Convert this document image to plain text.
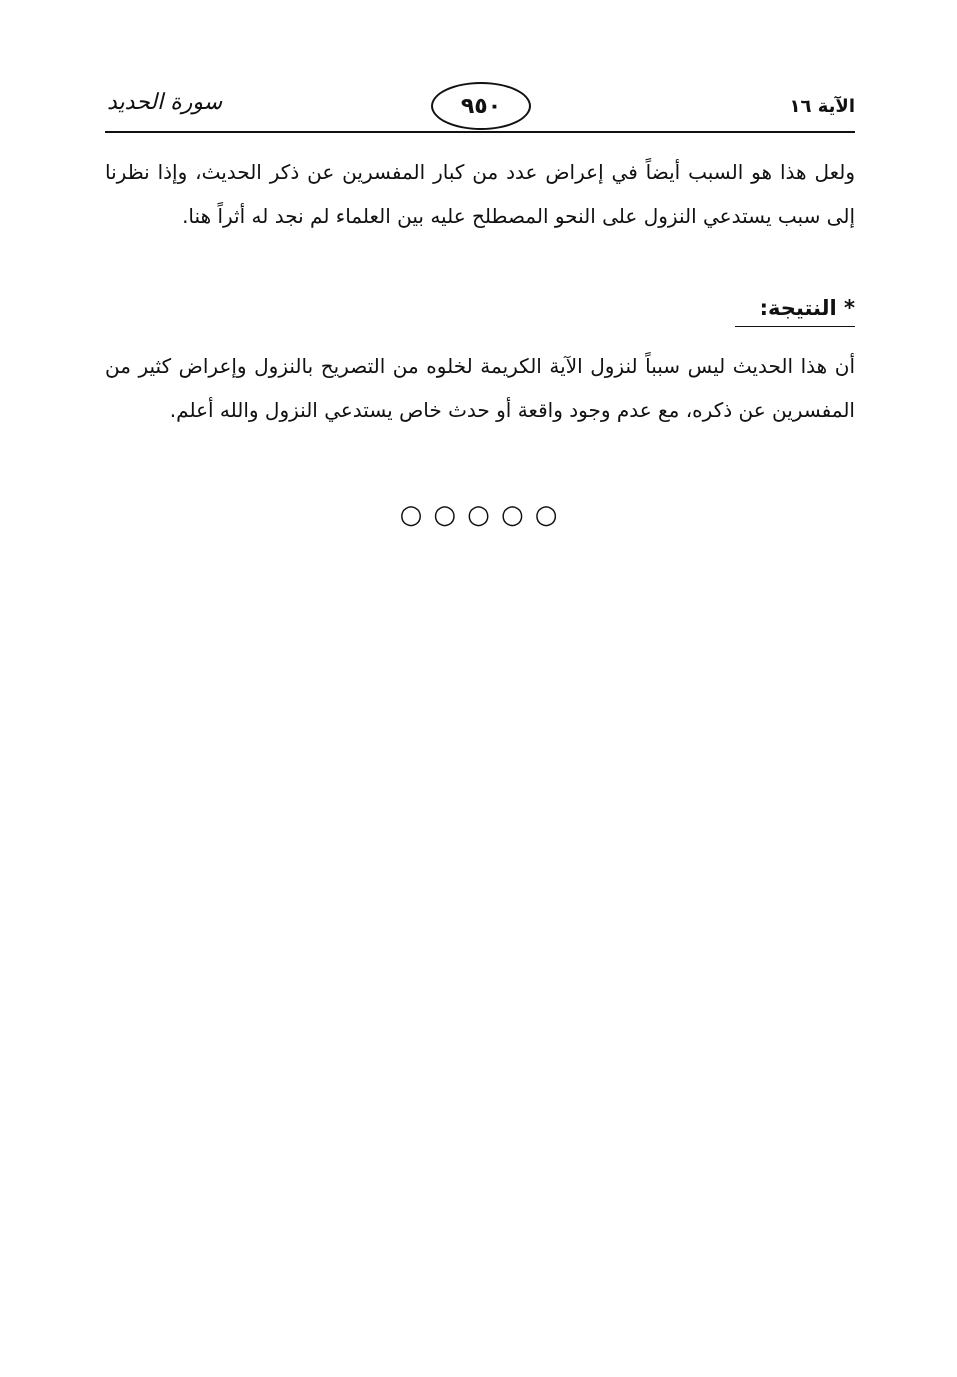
الآية ١٦
٩٥٠
سورة الحديد
ولعل هذا هو السبب أيضاً في إعراض عدد من كبار المفسرين عن ذكر الحديث، وإذا نظرنا إلى سبب يستدعي النزول على النحو المصطلح عليه بين العلماء لم نجد له أثراً هنا.
* النتيجة:
أن هذا الحديث ليس سبباً لنزول الآية الكريمة لخلوه من التصريح بالنزول وإعراض كثير من المفسرين عن ذكره، مع عدم وجود واقعة أو حدث خاص يستدعي النزول والله أعلم.
○ ○ ○ ○ ○
